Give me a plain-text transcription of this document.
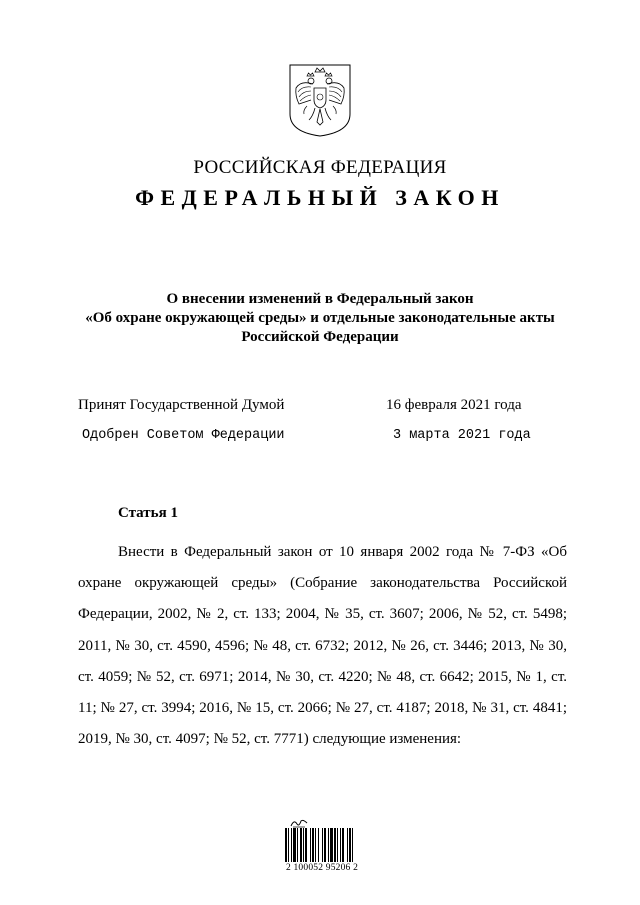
РОССИЙСКАЯ ФЕДЕРАЦИЯ
ФЕДЕРАЛЬНЫЙ ЗАКОН
О внесении изменений в Федеральный закон
«Об охране окружающей среды» и отдельные законодательные акты
Российской Федерации
Принят Государственной Думой	16 февраля 2021 года
Одобрен Советом Федерации	3 марта 2021 года
Статья 1

Внести в Федеральный закон от 10 января 2002 года № 7-ФЗ «Об охране окружающей среды» (Собрание законодательства Российской Федерации, 2002, № 2, ст. 133; 2004, № 35, ст. 3607; 2006, № 52, ст. 5498; 2011, № 30, ст. 4590, 4596; № 48, ст. 6732; 2012, № 26, ст. 3446; 2013, № 30, ст. 4059; № 52, ст. 6971; 2014, № 30, ст. 4220; № 48, ст. 6642; 2015, № 1, ст. 11; № 27, ст. 3994; 2016, № 15, ст. 2066; № 27, ст. 4187; 2018, № 31, ст. 4841; 2019, № 30, ст. 4097; № 52, ст. 7771) следующие изменения:

2 100052 95206 2
